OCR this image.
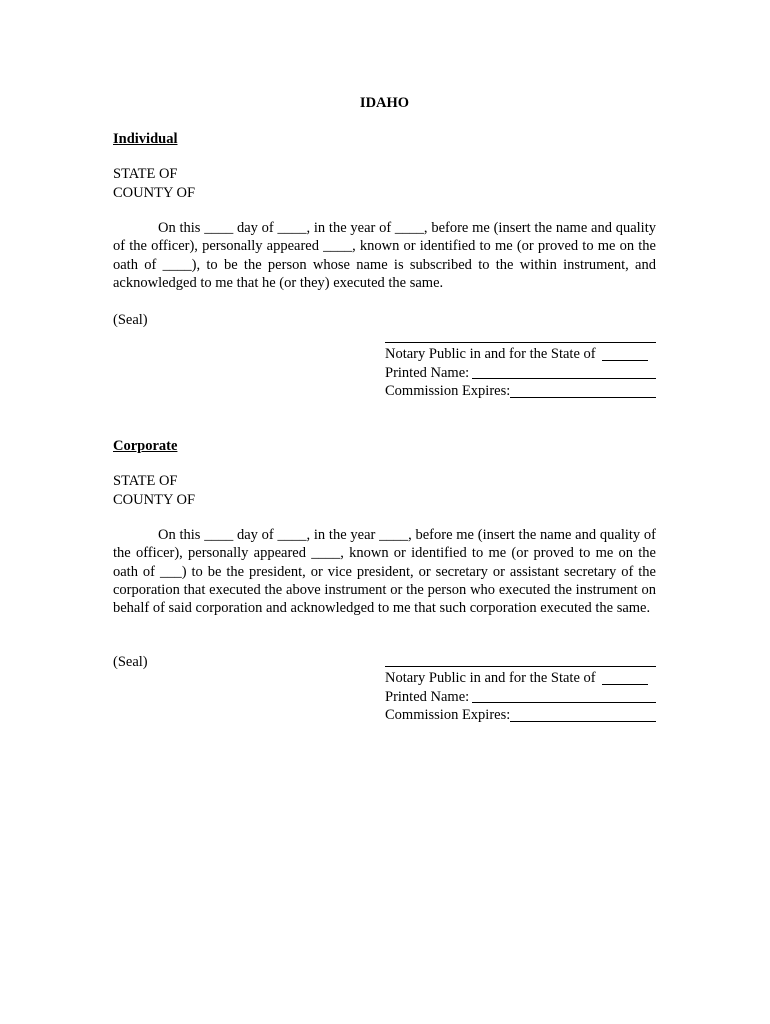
IDAHO
Individual
STATE OF
COUNTY OF

On this ____ day of ____, in the year of ____, before me (insert the name and quality of the officer), personally appeared ____, known or identified to me (or proved to me on the oath of ____), to be the person whose name is subscribed to the within instrument, and acknowledged to me that he (or they) executed the same.

(Seal)
Notary Public in and for the State of
Printed Name:
Commission Expires:
Corporate
STATE OF
COUNTY OF

On this ____ day of ____, in the year ____, before me (insert the name and quality of the officer), personally appeared ____, known or identified to me (or proved to me on the oath of ___) to be the president, or vice president, or secretary or assistant secretary of the corporation that executed the above instrument or the person who executed the instrument on behalf of said corporation and acknowledged to me that such corporation executed the same.

(Seal)
Notary Public in and for the State of
Printed Name:
Commission Expires:
